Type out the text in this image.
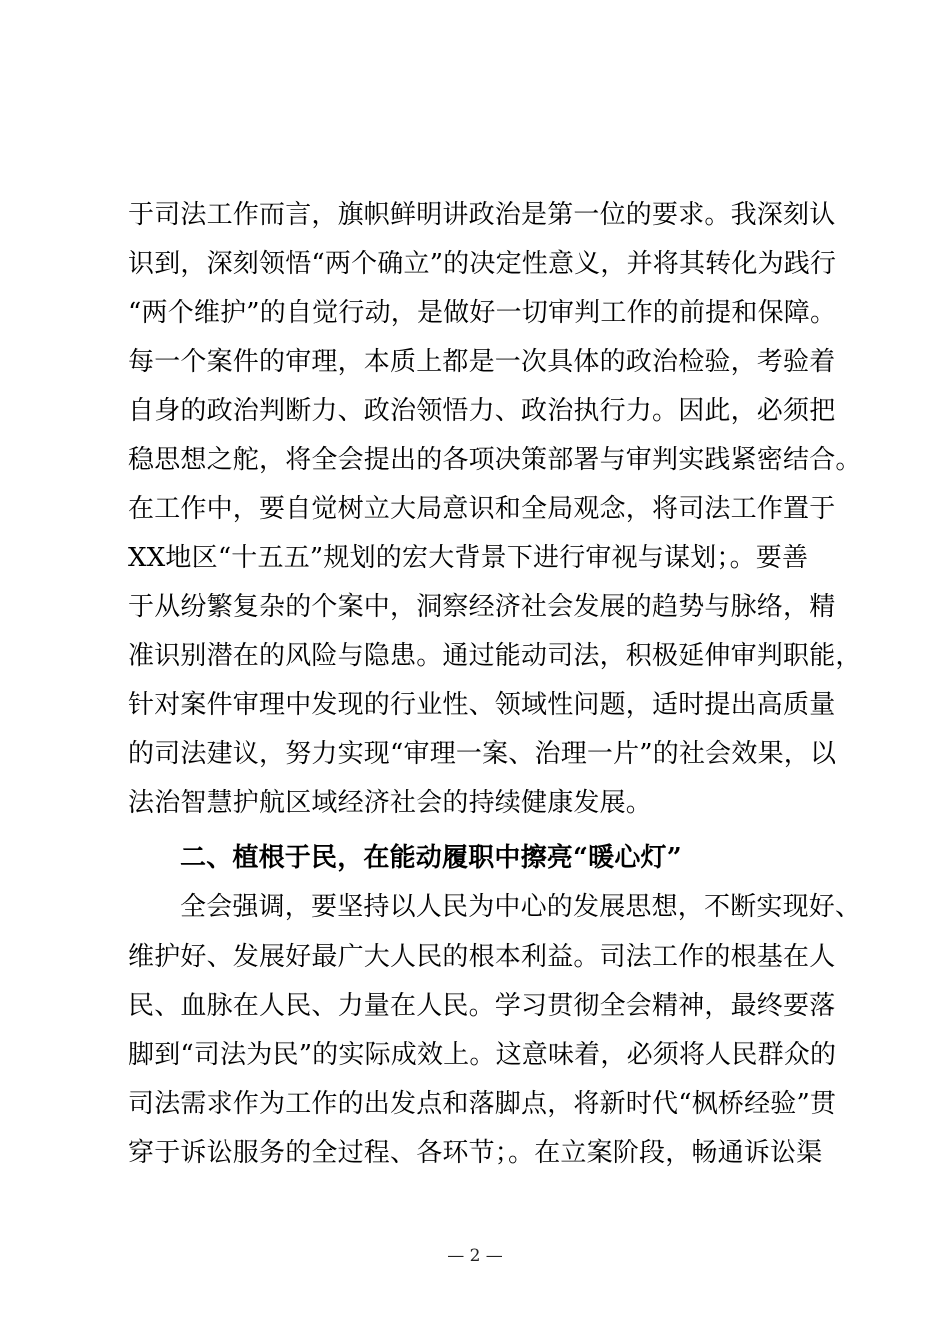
于司法工作而言，旗帜鲜明讲政治是第一位的要求。我深刻认
识到，深刻领悟“两个确立”的决定性意义，并将其转化为践行
“两个维护”的自觉行动，是做好一切审判工作的前提和保障。
每一个案件的审理，本质上都是一次具体的政治检验，考验着
自身的政治判断力、政治领悟力、政治执行力。因此，必须把
稳思想之舵，将全会提出的各项决策部署与审判实践紧密结合。
在工作中，要自觉树立大局意识和全局观念，将司法工作置于
XX地区“十五五”规划的宏大背景下进行审视与谋划；。要善
于从纷繁复杂的个案中，洞察经济社会发展的趋势与脉络，精
准识别潜在的风险与隐患。通过能动司法，积极延伸审判职能，
针对案件审理中发现的行业性、领域性问题，适时提出高质量
的司法建议，努力实现“审理一案、治理一片”的社会效果，以
法治智慧护航区域经济社会的持续健康发展。
二、植根于民，在能动履职中擦亮“暖心灯”
全会强调，要坚持以人民为中心的发展思想，不断实现好、
维护好、发展好最广大人民的根本利益。司法工作的根基在人
民、血脉在人民、力量在人民。学习贯彻全会精神，最终要落
脚到“司法为民”的实际成效上。这意味着，必须将人民群众的
司法需求作为工作的出发点和落脚点，将新时代“枫桥经验”贯
穿于诉讼服务的全过程、各环节；。在立案阶段，畅通诉讼渠
— 2 —
